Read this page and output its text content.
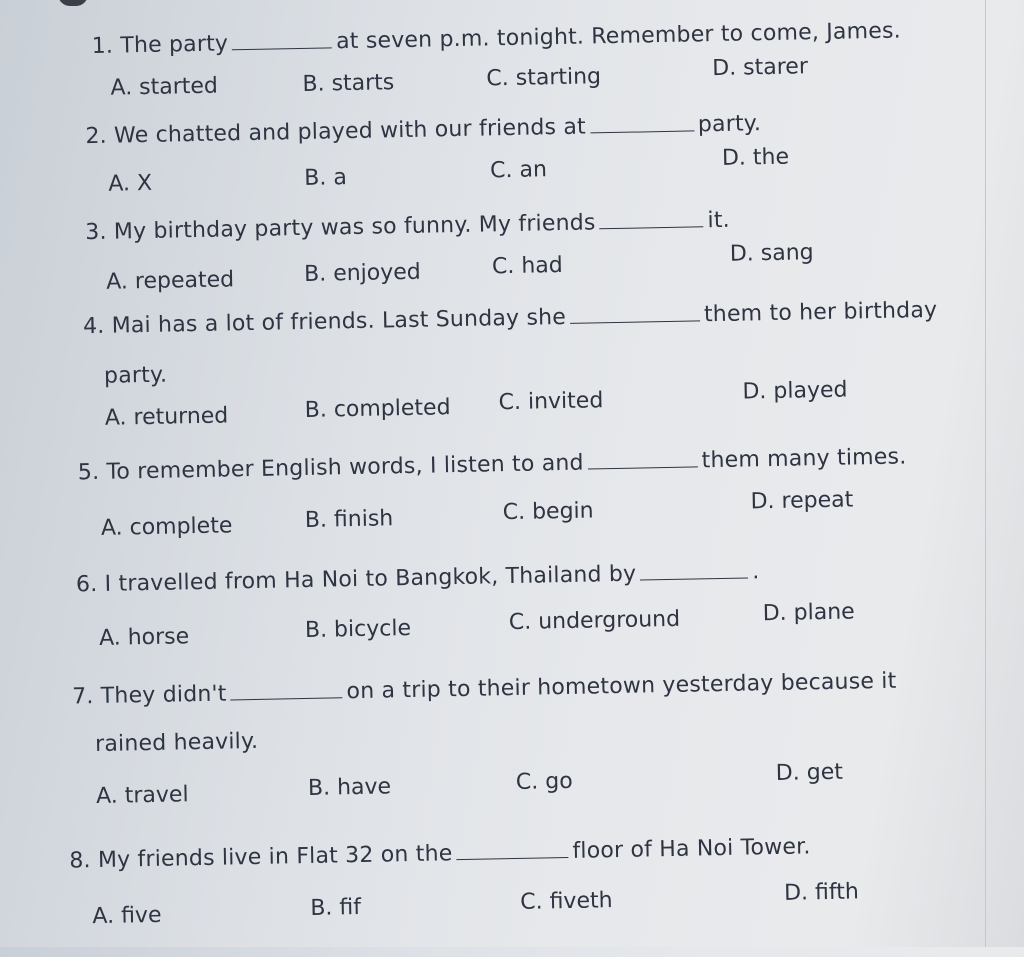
1. The party	at seven p.m. tonight. Remember to come, James.
A. started	B. starts	C. starting	D. starer
2. We chatted and played with our friends at	party.
A. X	B. a	C. an	D. the
3. My birthday party was so funny. My friends	it.
A. repeated	B. enjoyed	C. had	D. sang
4. Mai has a lot of friends. Last Sunday she	them to her birthday
party.
A. returned	B. completed C. invited	D. played
5. To remember English words, I listen to and	them many times.
A. complete	B. finish	C. begin	D. repeat
6. I travelled from Ha Noi to Bangkok, Thailand by	.
A. horse	B. bicycle	C. underground	D. plane
7. They didn't	on a trip to their hometown yesterday because it
rained heavily.
A. travel	B. have	C. go	D. get
8. My friends live in Flat 32 on the	floor of Ha Noi Tower.
A. five	B. fif	C. fiveth	D. fifth
